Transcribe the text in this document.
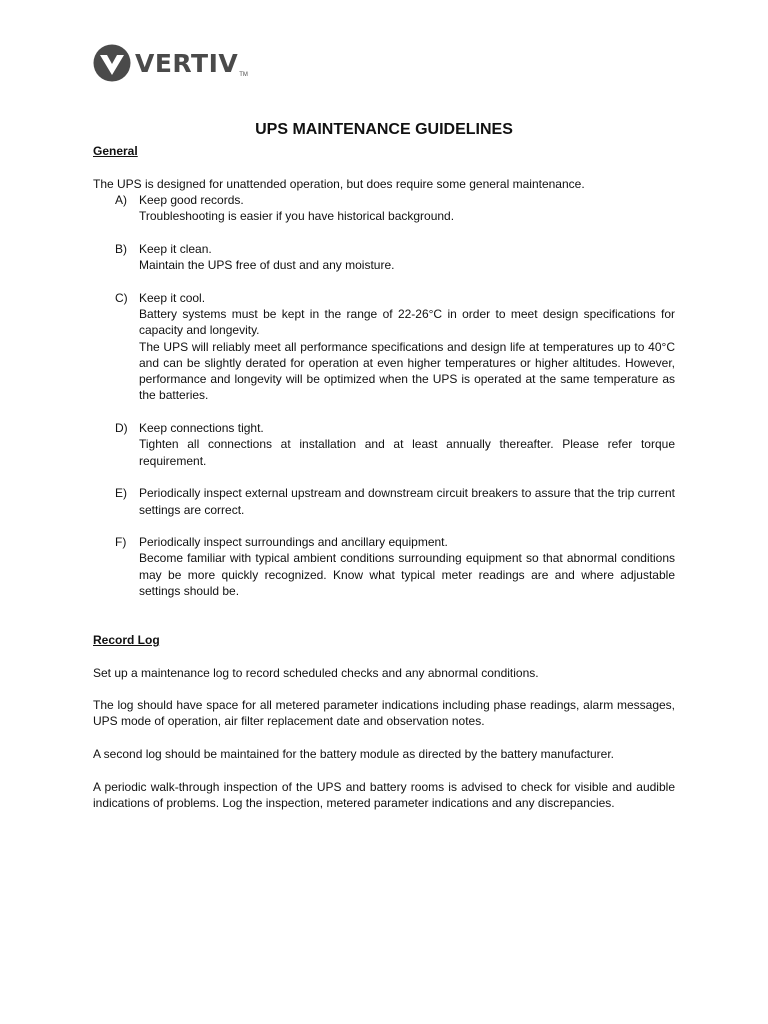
VERTIV TM
UPS MAINTENANCE GUIDELINES

General

The UPS is designed for unattended operation, but does require some general maintenance.

A)	Keep good records.

Troubleshooting is easier if you have historical background.

B)	Keep it clean.

Maintain the UPS free of dust and any moisture.

C) Keep it cool.

Battery systems must be kept in the range of 22-26°C in order to meet design specifications for capacity and longevity.

The UPS will reliably meet all performance specifications and design life at temperatures up to 40°C and can be slightly derated for operation at even higher temperatures or higher altitudes. However, performance and longevity will be optimized when the UPS is operated at the same temperature as the batteries.

D) Keep connections tight.

Tighten all connections at installation and at least annually thereafter. Please refer torque requirement.

E)	Periodically inspect external upstream and downstream circuit breakers to assure that the trip current settings are correct.

F)	Periodically inspect surroundings and ancillary equipment.

Become familiar with typical ambient conditions surrounding equipment so that abnormal conditions may be more quickly recognized. Know what typical meter readings are and where adjustable settings should be.

Record Log

Set up a maintenance log to record scheduled checks and any abnormal conditions.

The log should have space for all metered parameter indications including phase readings, alarm messages, UPS mode of operation, air filter replacement date and observation notes.

A second log should be maintained for the battery module as directed by the battery manufacturer.

A periodic walk-through inspection of the UPS and battery rooms is advised to check for visible and audible indications of problems. Log the inspection, metered parameter indications and any discrepancies.
